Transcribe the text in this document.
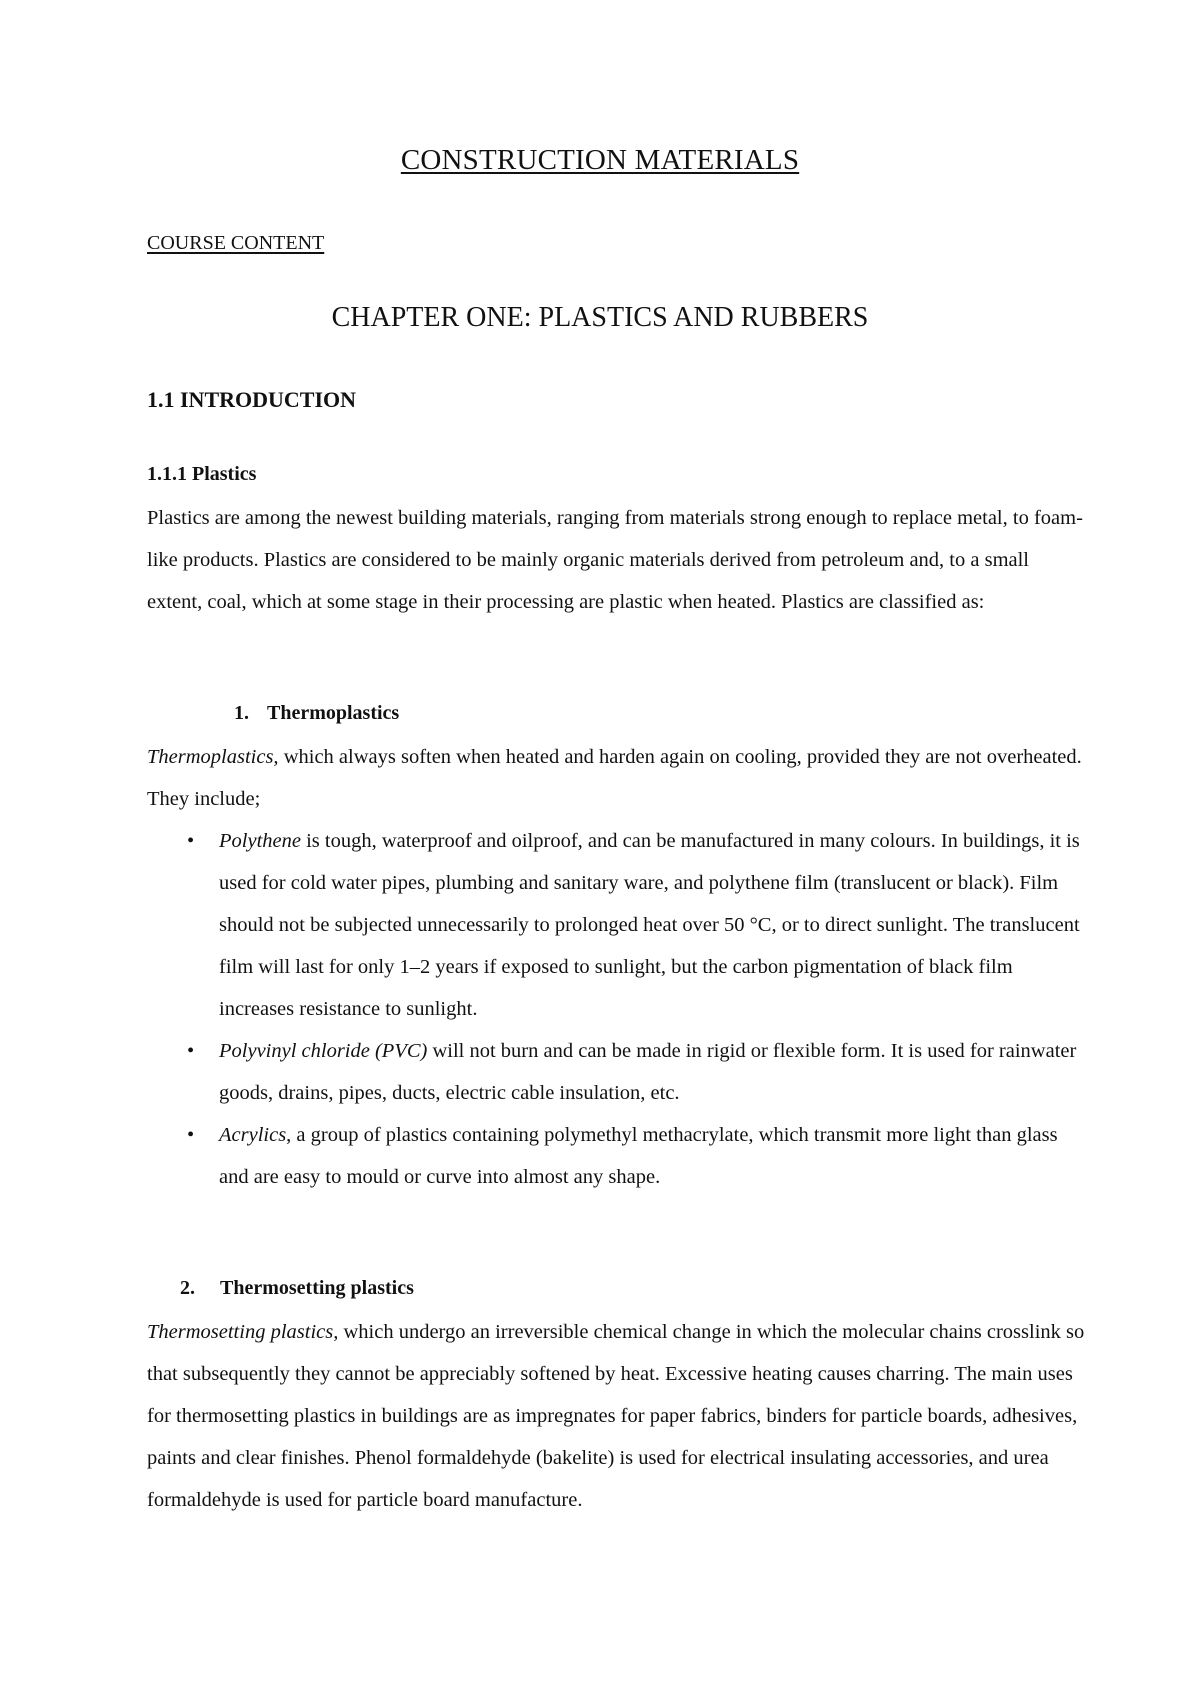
CONSTRUCTION MATERIALS
COURSE CONTENT
CHAPTER ONE: PLASTICS AND RUBBERS
1.1 INTRODUCTION
1.1.1 Plastics

Plastics are among the newest building materials, ranging from materials strong enough to replace metal, to foam-like products. Plastics are considered to be mainly organic materials derived from petroleum and, to a small extent, coal, which at some stage in their processing are plastic when heated. Plastics are classified as:

1. Thermoplastics

Thermoplastics, which always soften when heated and harden again on cooling, provided they are not overheated. They include;

• Polythene is tough, waterproof and oilproof, and can be manufactured in many colours. In buildings, it is used for cold water pipes, plumbing and sanitary ware, and polythene film (translucent or black). Film should not be subjected unnecessarily to prolonged heat over 50 °C, or to direct sunlight. The translucent film will last for only 1–2 years if exposed to sunlight, but the carbon pigmentation of black film increases resistance to sunlight.
• Polyvinyl chloride (PVC) will not burn and can be made in rigid or flexible form. It is used for rainwater goods, drains, pipes, ducts, electric cable insulation, etc.
• Acrylics, a group of plastics containing polymethyl methacrylate, which transmit more light than glass and are easy to mould or curve into almost any shape.
2. Thermosetting plastics

Thermosetting plastics, which undergo an irreversible chemical change in which the molecular chains crosslink so that subsequently they cannot be appreciably softened by heat. Excessive heating causes charring. The main uses for thermosetting plastics in buildings are as impregnates for paper fabrics, binders for particle boards, adhesives, paints and clear finishes. Phenol formaldehyde (bakelite) is used for electrical insulating accessories, and urea formaldehyde is used for particle board manufacture.
